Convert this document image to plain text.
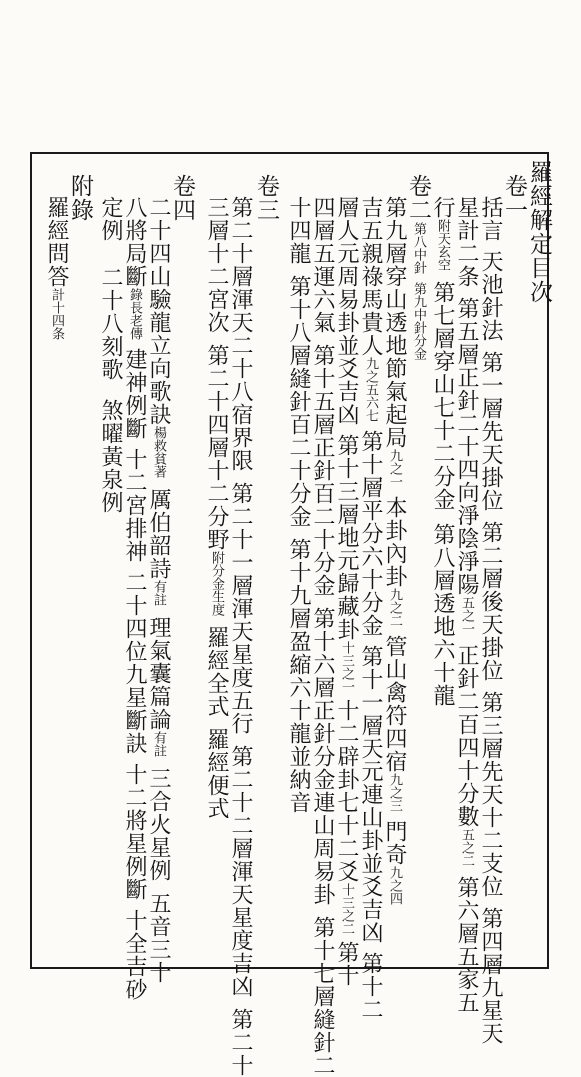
羅經解定目次
卷一
括言天池針法第一層先天掛位第二層後天掛位第三層先天十二支位第四層九星天
星計二条第五層正針二十四向淨陰淨陽五之一正針二百四十分數五之二第六層五家五
行附天玄空第七層穿山七十二分金第八層透地六十龍
卷二第八中針第九中針分金
第九層穿山透地節氣起局九之一本卦內卦九之二管山禽符四宿九之三門奇九之四
吉五親祿馬貴人九之五六七第十層平分六十分金第十一層天元連山卦並爻吉凶第十二
層人元周易卦並爻吉凶第十三層地元歸藏卦十三之一十二辟卦七十二爻十三之二第十
四層五運六氣第十五層正針百二十分金第十六層正針分金連山周易卦第十七層縫針二
十四龍第十八層縫針百二十分金第十九層盈縮六十龍並納音
卷三
第二十層渾天二十八宿界限第二十一層渾天星度五行第二十二層渾天星度吉凶第二十
三層十二宮次第二十四層十二分野附分金生度羅經全式羅經便式
卷四
二十四山驗龍立向歌訣楊救貧著厲伯韶詩有註理氣囊篇論有註三合火星例五音三十
八將局斷錄長老傳建神例斷十二宮排神二十四位九星斷訣十二將星例斷十全吉砂
定例二十八刻歌煞曜黃泉例
附錄
羅經問答計十四条
